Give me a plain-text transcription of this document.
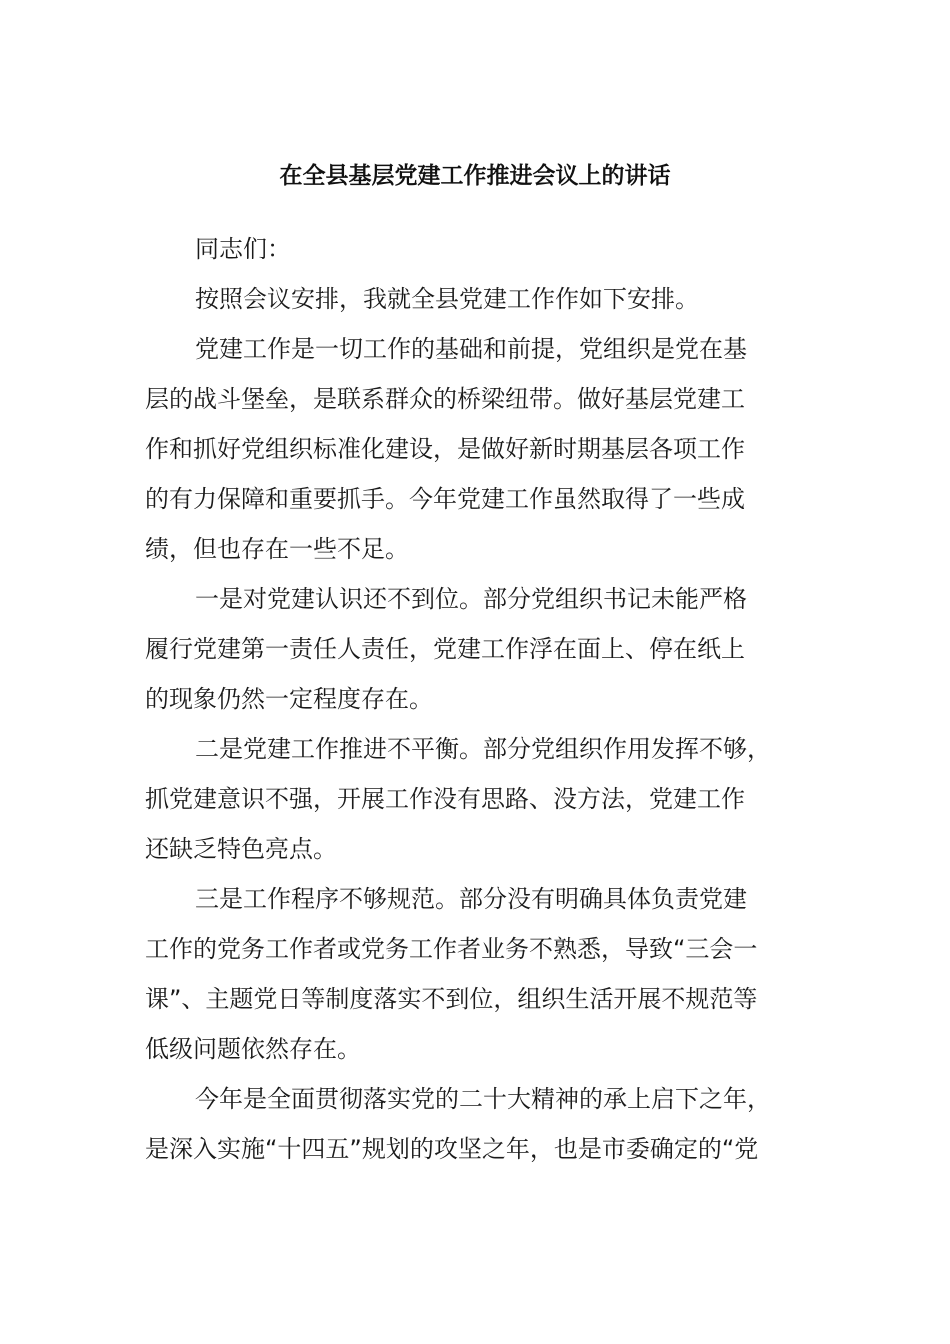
在全县基层党建工作推进会议上的讲话

同志们：

按照会议安排，我就全县党建工作作如下安排。

党建工作是一切工作的基础和前提，党组织是党在基

层的战斗堡垒，是联系群众的桥梁纽带。做好基层党建工

作和抓好党组织标准化建设，是做好新时期基层各项工作

的有力保障和重要抓手。今年党建工作虽然取得了一些成

绩，但也存在一些不足。

一是对党建认识还不到位。部分党组织书记未能严格

履行党建第一责任人责任，党建工作浮在面上、停在纸上

的现象仍然一定程度存在。

二是党建工作推进不平衡。部分党组织作用发挥不够，

抓党建意识不强，开展工作没有思路、没方法，党建工作

还缺乏特色亮点。

三是工作程序不够规范。部分没有明确具体负责党建

工作的党务工作者或党务工作者业务不熟悉，导致“三会一

课”、主题党日等制度落实不到位，组织生活开展不规范等

低级问题依然存在。

今年是全面贯彻落实党的二十大精神的承上启下之年，

是深入实施“十四五”规划的攻坚之年，也是市委确定的“党
